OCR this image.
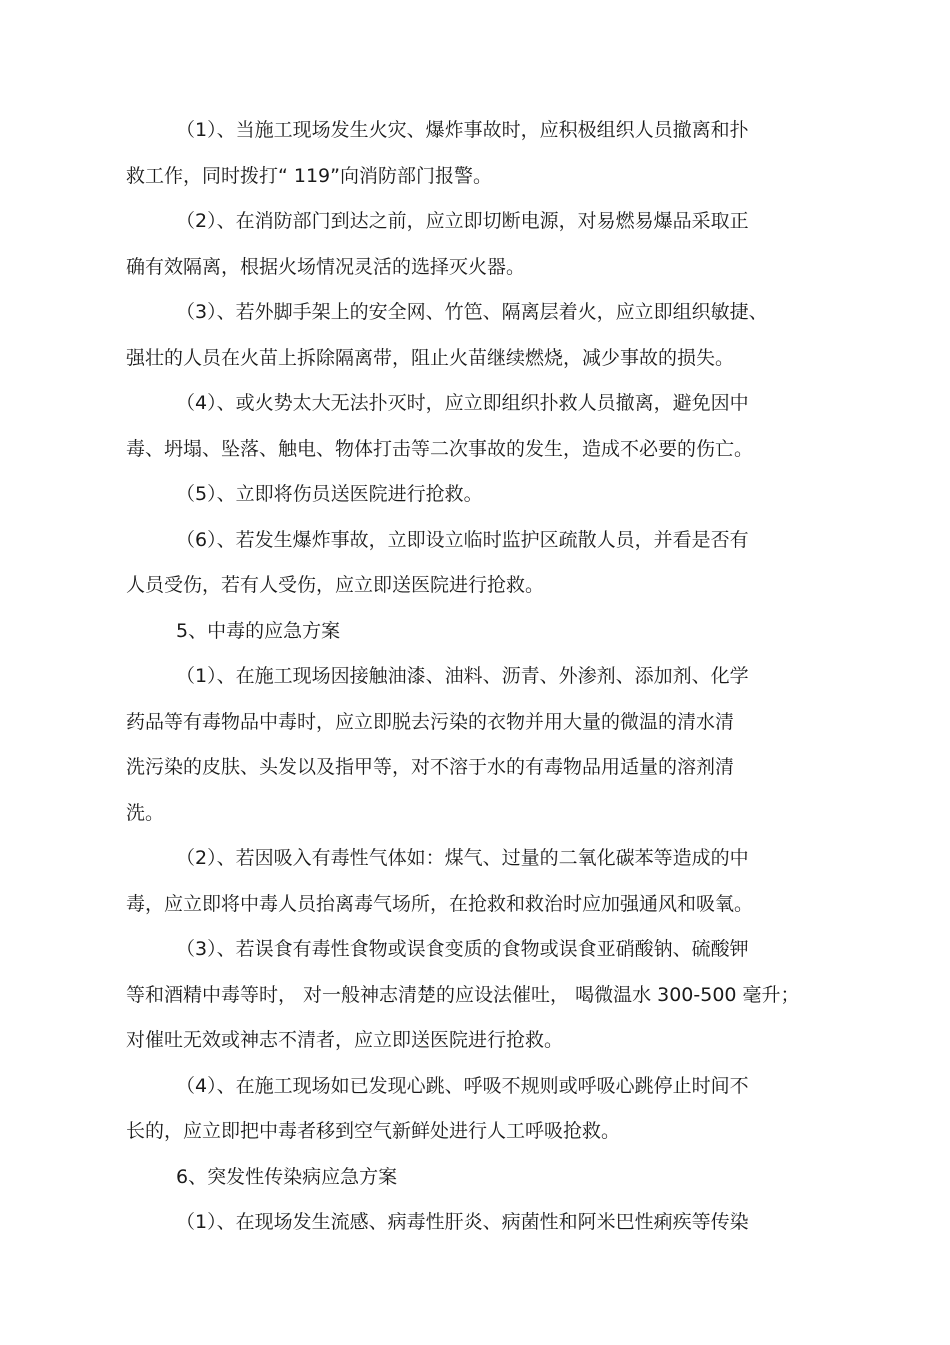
（1）、当施工现场发生火灾、爆炸事故时，应积极组织人员撤离和扑
救工作，同时拨打“ 119”向消防部门报警。
（2）、在消防部门到达之前，应立即切断电源，对易燃易爆品采取正
确有效隔离，根据火场情况灵活的选择灭火器。
（3）、若外脚手架上的安全网、竹笆、隔离层着火，应立即组织敏捷、
强壮的人员在火苗上拆除隔离带，阻止火苗继续燃烧，减少事故的损失。
（4）、或火势太大无法扑灭时，应立即组织扑救人员撤离，避免因中
毒、坍塌、坠落、触电、物体打击等二次事故的发生，造成不必要的伤亡。
（5）、立即将伤员送医院进行抢救。
（6）、若发生爆炸事故，立即设立临时监护区疏散人员，并看是否有
人员受伤，若有人受伤，应立即送医院进行抢救。
5、中毒的应急方案
（1）、在施工现场因接触油漆、油料、沥青、外渗剂、添加剂、化学
药品等有毒物品中毒时，应立即脱去污染的衣物并用大量的微温的清水清
洗污染的皮肤、头发以及指甲等，对不溶于水的有毒物品用适量的溶剂清
洗。
（2）、若因吸入有毒性气体如：煤气、过量的二氧化碳苯等造成的中
毒，应立即将中毒人员抬离毒气场所，在抢救和救治时应加强通风和吸氧。
（3）、若误食有毒性食物或误食变质的食物或误食亚硝酸钠、硫酸钾
等和酒精中毒等时， 对一般神志清楚的应设法催吐， 喝微温水 300-500 毫升；
对催吐无效或神志不清者，应立即送医院进行抢救。
（4）、在施工现场如已发现心跳、呼吸不规则或呼吸心跳停止时间不
长的，应立即把中毒者移到空气新鲜处进行人工呼吸抢救。
6、突发性传染病应急方案
（1）、在现场发生流感、病毒性肝炎、病菌性和阿米巴性痢疾等传染
